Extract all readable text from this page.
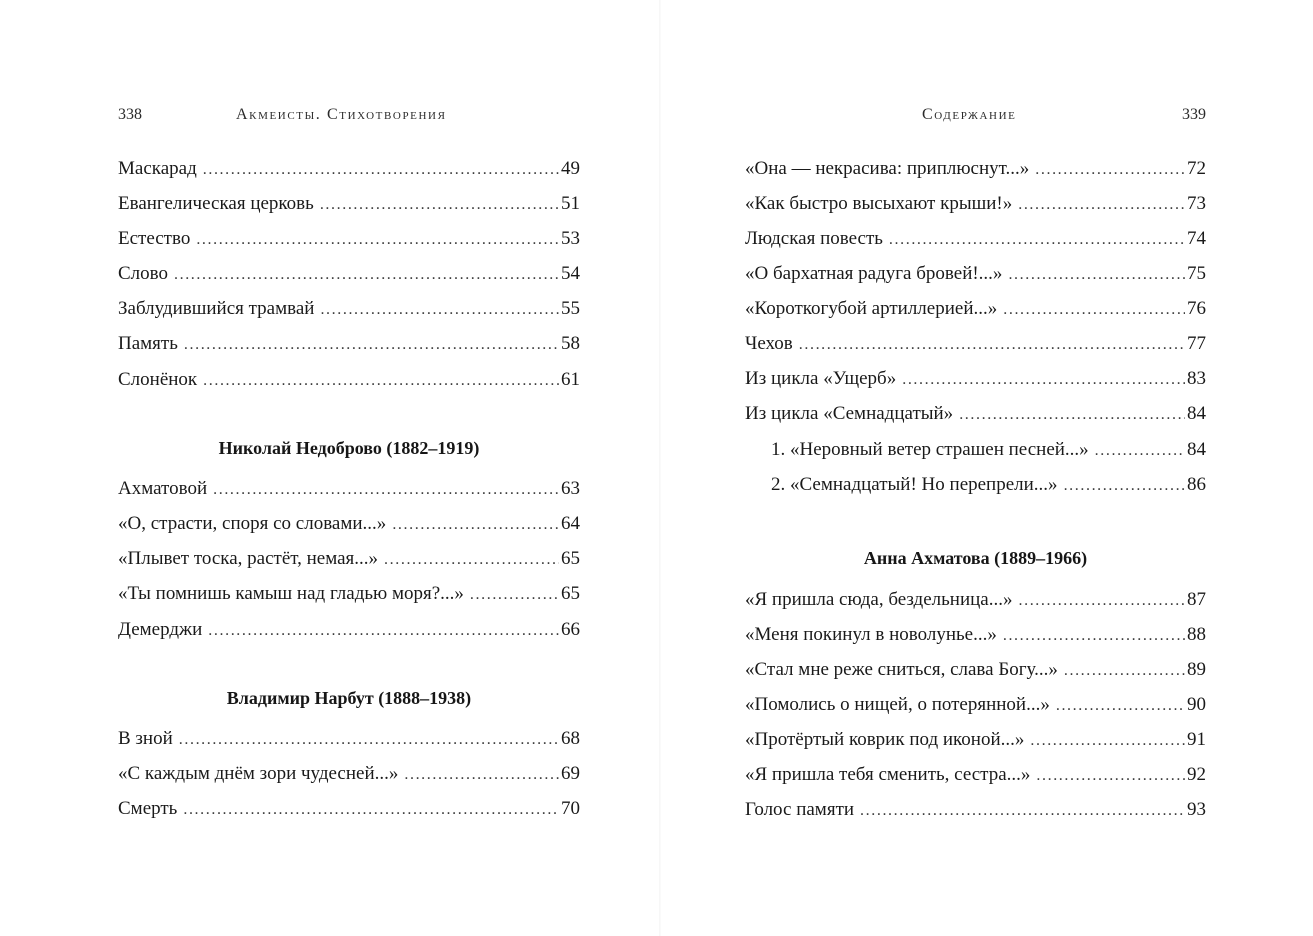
338	Акмеисты. Стихотворения
Маскарад . . .	49
Евангелическая церковь . . .	51
Естество . . .	53
Слово . . .	54
Заблудившийся трамвай . . .	55
Память . . .	58
Слонёнок . . .	61
Николай Недоброво (1882–1919)
Ахматовой . . .	63
«О, страсти, споря со словами...» . . .	64
«Плывет тоска, растёт, немая...» . . .	65
«Ты помнишь камыш над гладью моря?...» . . .	65
Демерджи . . .	66
Владимир Нарбут (1888–1938)
В зной . . .	68
«С каждым днём зори чудесней...» . . .	69
Смерть . . .	70
Содержание	339
«Она — некрасива: приплюснут...» . . .	72
«Как быстро высыхают крыши!» . . .	73
Людская повесть . . .	74
«О бархатная радуга бровей!...» . . .	75
«Короткогубой артиллерией...» . . .	76
Чехов . . .	77
Из цикла «Ущерб» . . .	83
Из цикла «Семнадцатый» . . .	84
1. «Неровный ветер страшен песней...» . . .	84
2. «Семнадцатый! Но перепрели...» . . .	86
Анна Ахматова (1889–1966)
«Я пришла сюда, бездельница...» . . .	87
«Меня покинул в новолунье...» . . .	88
«Стал мне реже сниться, слава Богу...» . . .	89
«Помолись о нищей, о потерянной...» . . .	90
«Протёртый коврик под иконой...» . . .	91
«Я пришла тебя сменить, сестра...» . . .	92
Голос памяти . . .	93
